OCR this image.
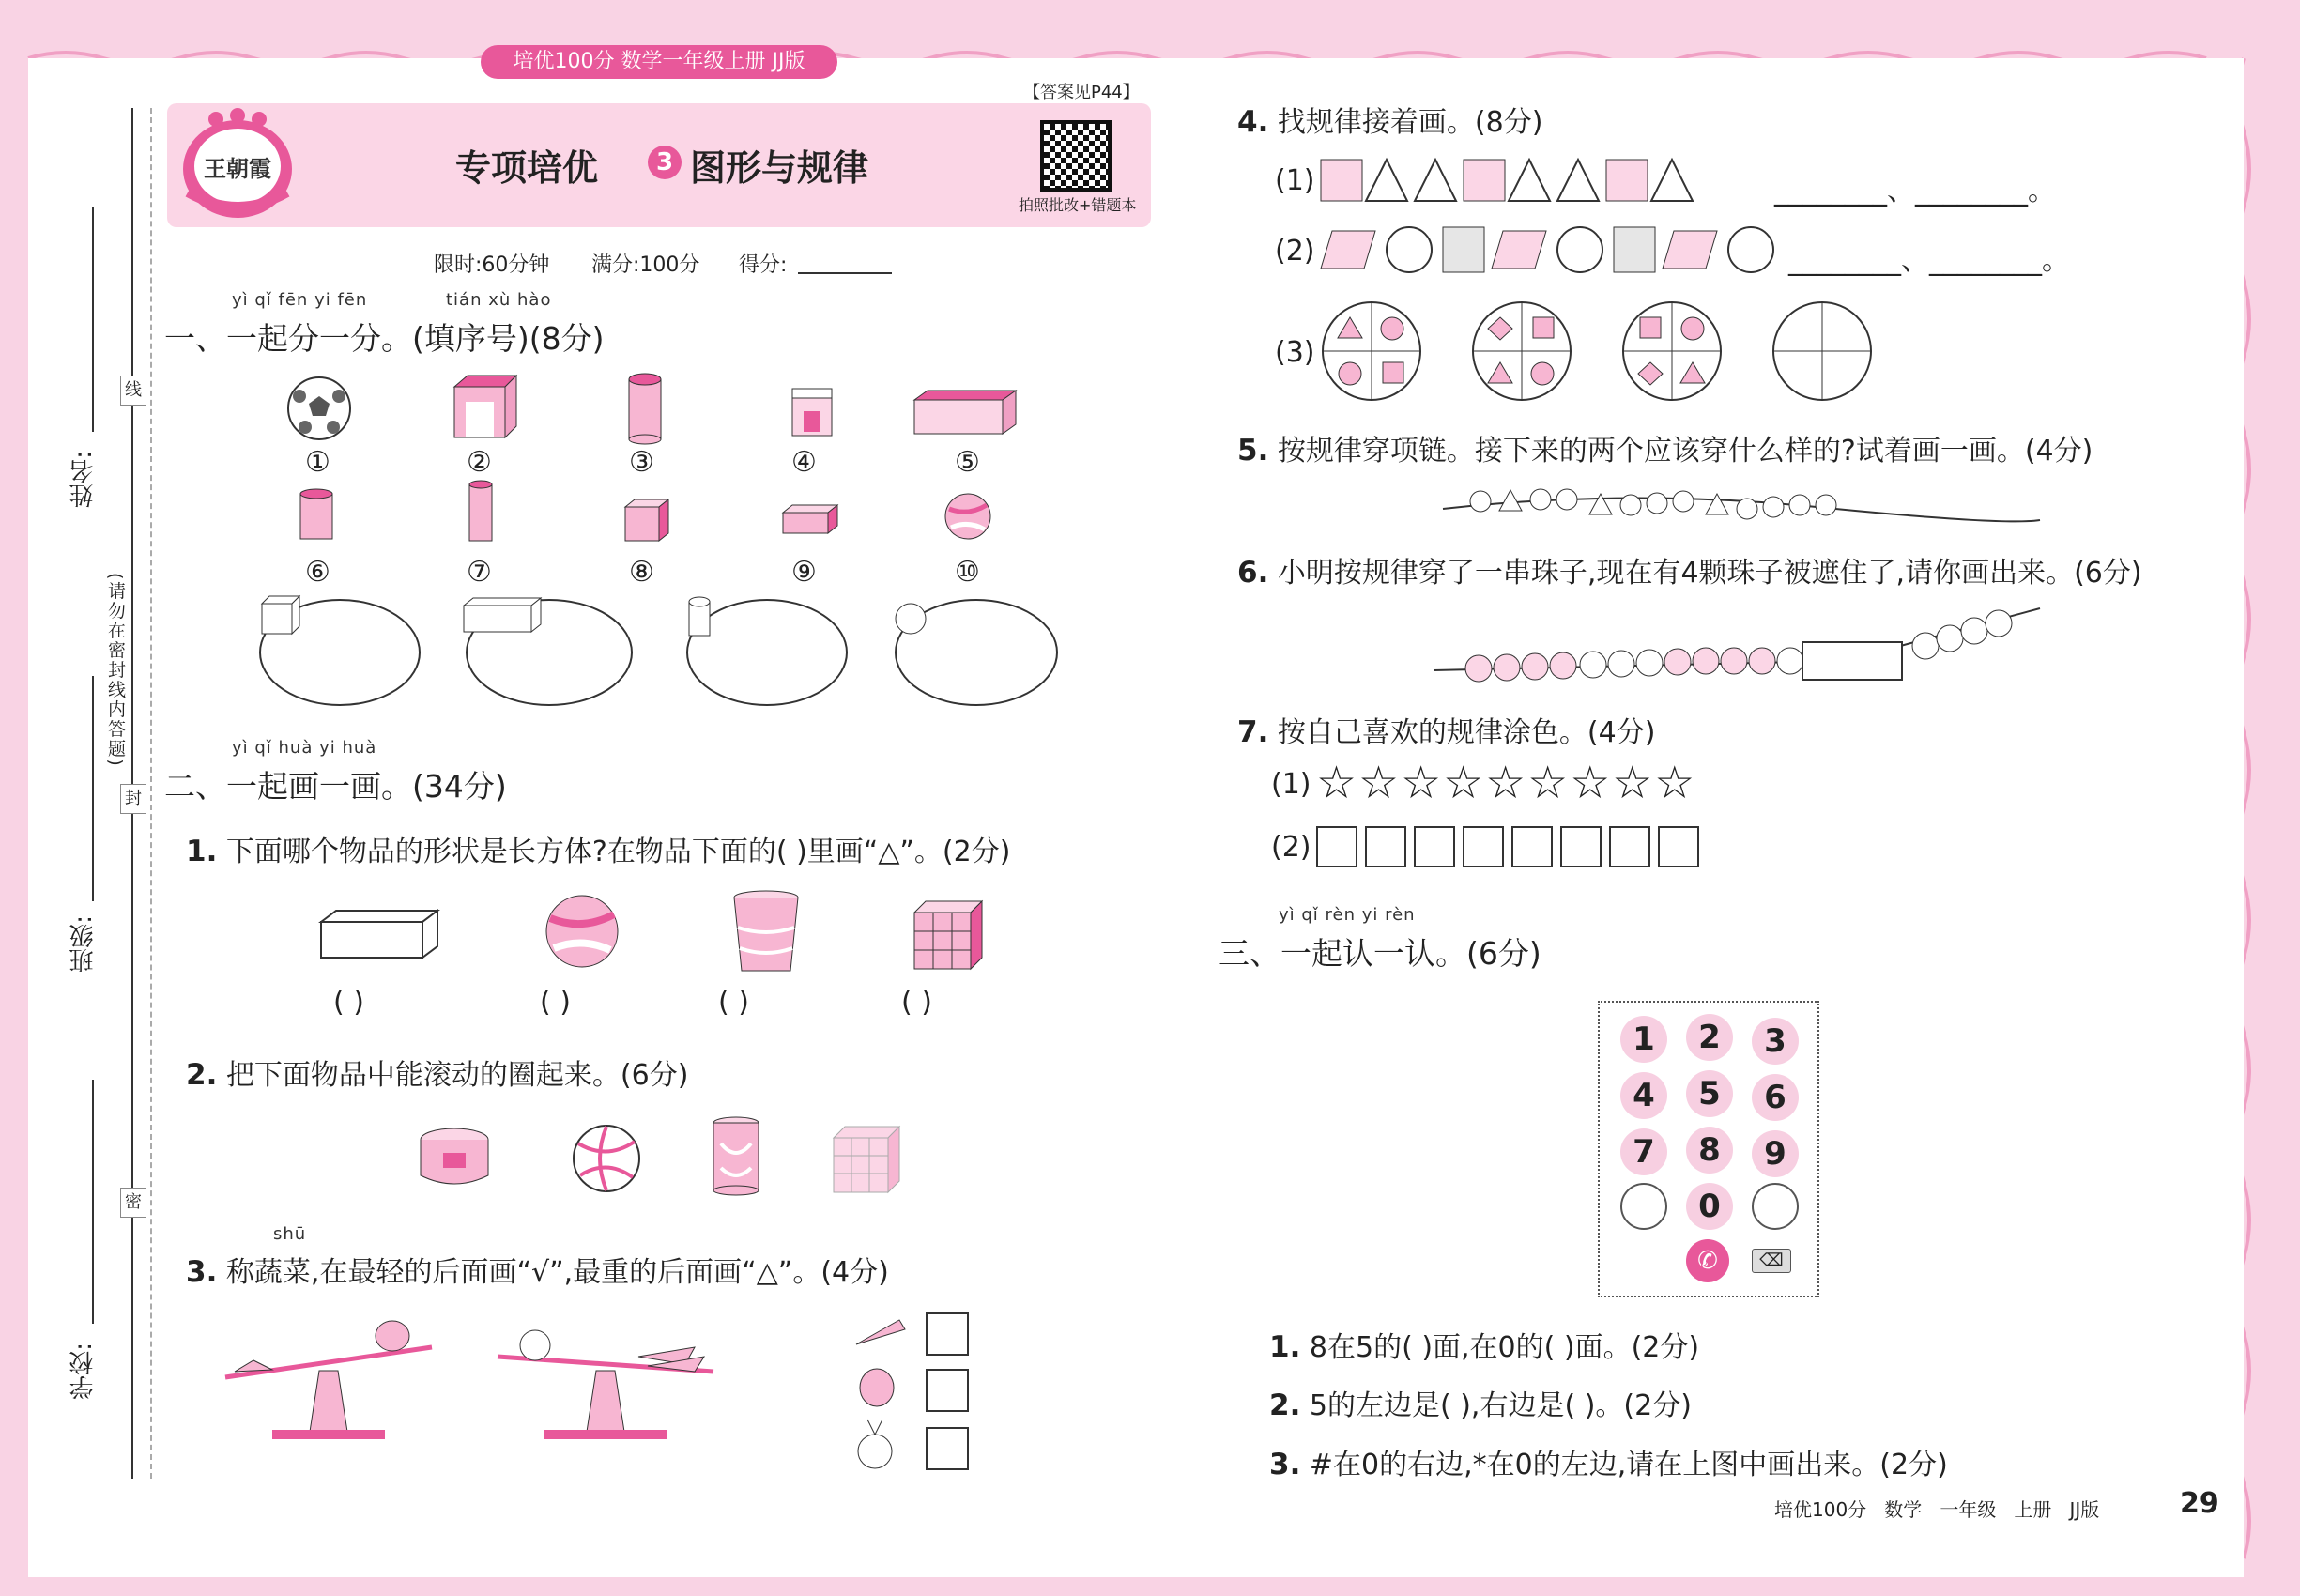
培优100分 数学一年级上册 JJ版
姓名:
班级:
学校:
线
封
密
(请勿在密封线内答题)
王朝霞	专项培优	3 图形与规律
【答案见P44】
拍照批改+错题本
限时:60分钟 满分:100分 得分:
yì qǐ fēn yi fēn	tián xù hào
一、一起分一分。(填序号)(8分)
①	②	③	④	⑤
⑥	⑦	⑧	⑨	⑩
yì qǐ huà yi huà
二、一起画一画。(34分)
1. 下面哪个物品的形状是长方体?在物品下面的( )里画“△”。(2分)
( )	( )	( )	( )
2. 把下面物品中能滚动的圈起来。(6分)
shū
3. 称蔬菜,在最轻的后面画“√”,最重的后面画“△”。(4分)
4. 找规律接着画。(8分)
(1)	________、________。
(2)	________、________。
(3)
5. 按规律穿项链。接下来的两个应该穿什么样的?试着画一画。(4分)
6. 小明按规律穿了一串珠子,现在有4颗珠子被遮住了,请你画出来。(6分)
7. 按自己喜欢的规律涂色。(4分)
(1) ☆☆☆☆☆☆☆☆☆
(2)
yì qǐ rèn yi rèn
三、一起认一认。(6分)
1	2	3
4	5	6
7	8	9
0
✆	⌫
1. 8在5的( )面,在0的( )面。(2分)
2. 5的左边是( ),右边是( )。(2分)
3. #在0的右边,*在0的左边,请在上图中画出来。(2分)
培优100分   数学   一年级   上册   JJ版	29
